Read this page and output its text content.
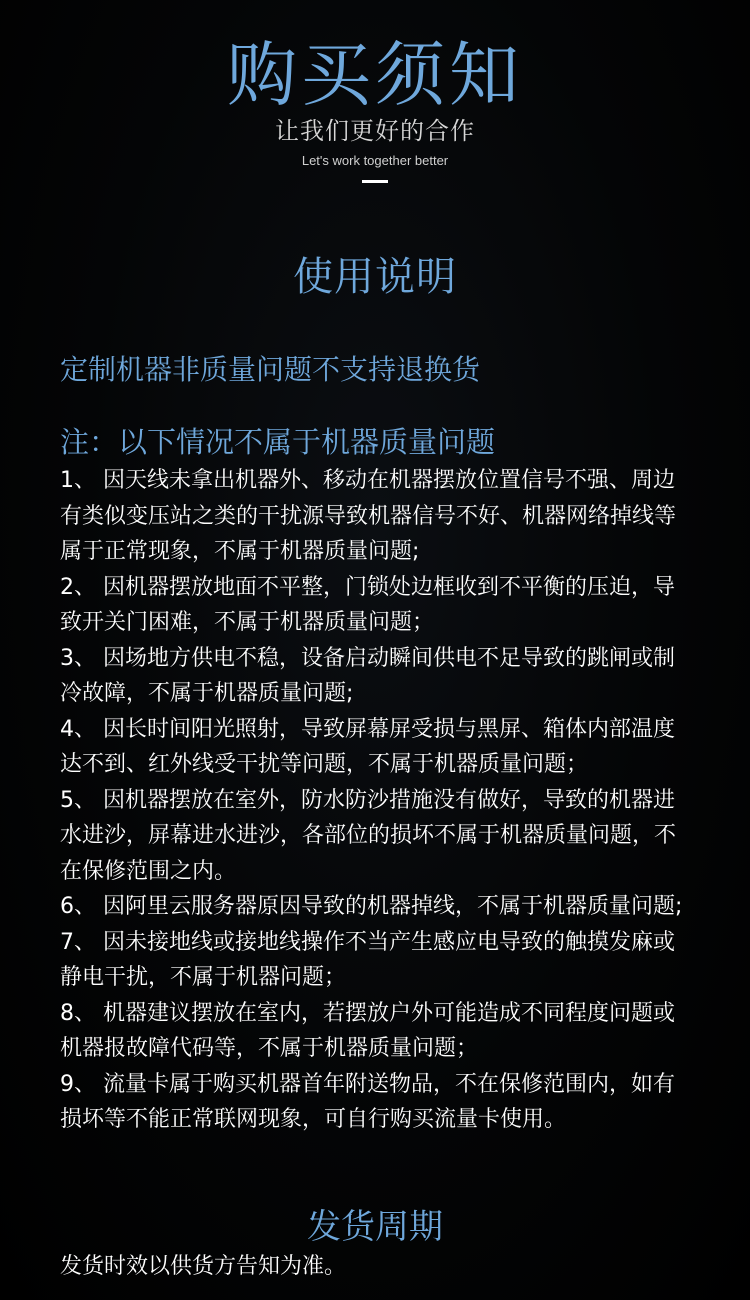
购买须知
让我们更好的合作
Let's work together better
使用说明
定制机器非质量问题不支持退换货
注：以下情况不属于机器质量问题
1、 因天线未拿出机器外、移动在机器摆放位置信号不强、周边有类似变压站之类的干扰源导致机器信号不好、机器网络掉线等属于正常现象，不属于机器质量问题;
2、 因机器摆放地面不平整，门锁处边框收到不平衡的压迫，导致开关门困难，不属于机器质量问题；
3、 因场地方供电不稳，设备启动瞬间供电不足导致的跳闸或制冷故障，不属于机器质量问题;
4、 因长时间阳光照射，导致屏幕屏受损与黑屏、箱体内部温度达不到、红外线受干扰等问题，不属于机器质量问题；
5、 因机器摆放在室外，防水防沙措施没有做好，导致的机器进水进沙，屏幕进水进沙，各部位的损坏不属于机器质量问题，不在保修范围之内。
6、 因阿里云服务器原因导致的机器掉线，不属于机器质量问题;
7、 因未接地线或接地线操作不当产生感应电导致的触摸发麻或静电干扰，不属于机器问题；
8、 机器建议摆放在室内，若摆放户外可能造成不同程度问题或机器报故障代码等，不属于机器质量问题；
9、 流量卡属于购买机器首年附送物品，不在保修范围内，如有损坏等不能正常联网现象，可自行购买流量卡使用。
发货周期
发货时效以供货方告知为准。
